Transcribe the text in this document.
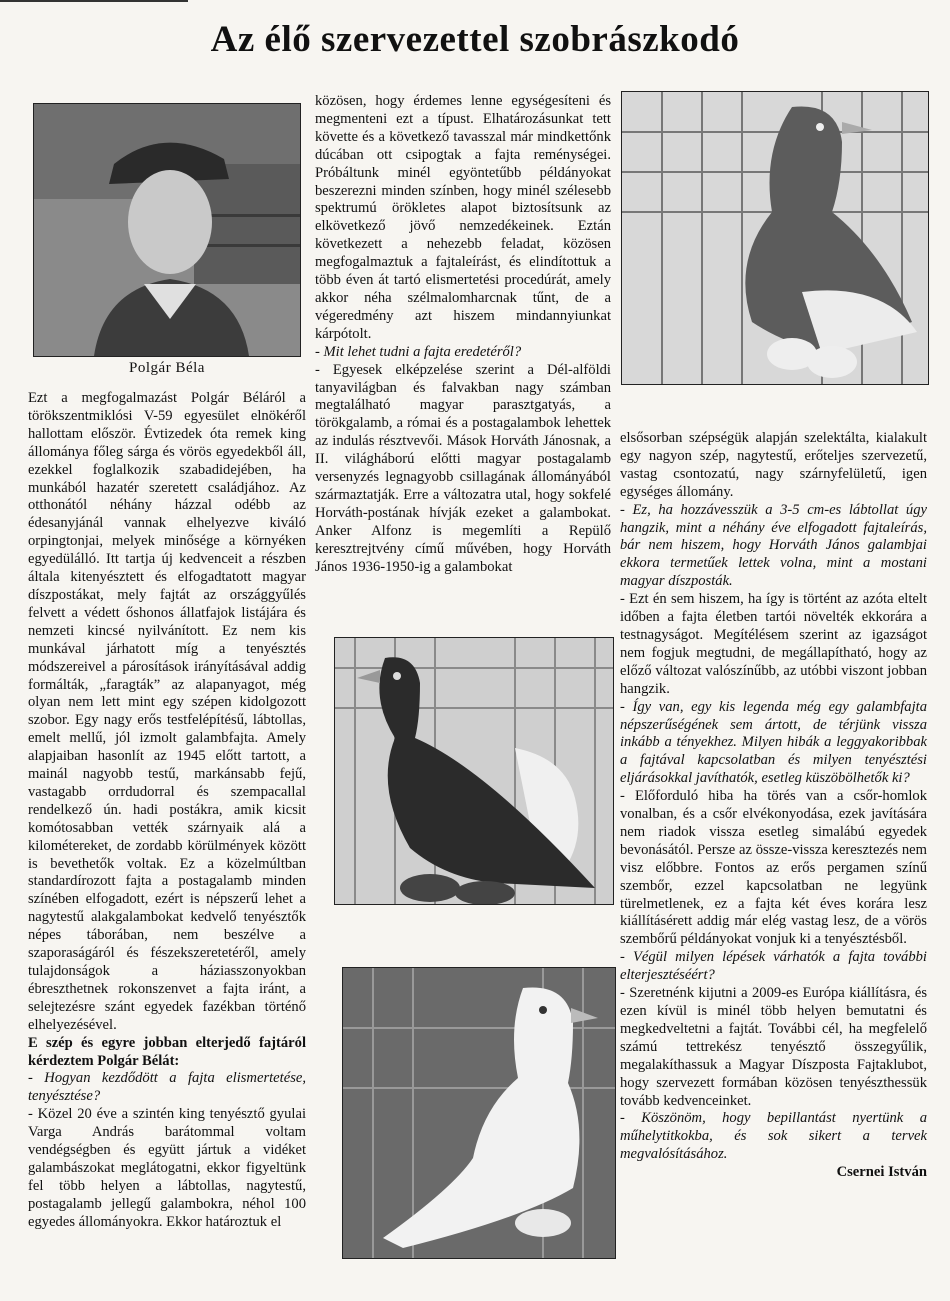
Az élő szervezettel szobrászkodó
Polgár Béla

Ezt a megfogalmazást Polgár Béláról a törökszentmiklósi V-59 egyesület elnökéről hallottam először. Évtizedek óta remek king állománya főleg sárga és vörös egyedekből áll, ezekkel foglalkozik szabadidejében, ha munkából hazatér szeretett családjához. Az otthonától néhány házzal odébb az édesanyjánál vannak elhelyezve kiváló orpingtonjai, melyek minősége a környéken egyedülálló. Itt tartja új kedvenceit a részben általa kitenyésztett és elfogadtatott magyar díszpostákat, mely fajtát az országgyűlés felvett a védett őshonos állatfajok listájára és nemzeti kincsé nyilvánított. Ez nem kis munkával járhatott míg a tenyésztés módszereivel a párosítások irányításával addig formálták, „faragták” az alapanyagot, még olyan nem lett mint egy szépen kidolgozott szobor. Egy nagy erős testfelépítésű, lábtollas, emelt mellű, jól izmolt galambfajta. Amely alapjaiban hasonlít az 1945 előtt tartott, a mainál nagyobb testű, markánsabb fejű, vastagabb orrdudorral és szempacallal rendelkező ún. hadi postákra, amik kicsit komótosabban vették szárnyaik alá a kilométereket, de zordabb körülmények között is bevethetők voltak. Ez a közelmúltban standardírozott fajta a postagalamb minden színében elfogadott, ezért is népszerű lehet a nagytestű alakgalambokat kedvelő tenyésztők népes táborában, nem beszélve a szaporaságáról és fészekszeretetéről, amely tulajdonságok a háziasszonyokban ébreszthetnek rokonszenvet a fajta iránt, a selejtezésre szánt egyedek fazékban történő elhelyezésével.

E szép és egyre jobban elterjedő fajtáról kérdeztem Polgár Bélát:

- Hogyan kezdődött a fajta elismertetése, tenyésztése?

- Közel 20 éve a szintén king tenyésztő gyulai Varga András barátommal voltam vendégségben és együtt jártuk a vidéket galambászokat meglátogatni, ekkor figyeltünk fel több helyen a lábtollas, nagytestű, postagalamb jellegű galambokra, néhol 100 egyedes állományokra. Ekkor határoztuk el

közösen, hogy érdemes lenne egységesíteni és megmenteni ezt a típust. Elhatározásunkat tett követte és a következő tavasszal már mindkettőnk dúcában ott csipogtak a fajta reménységei. Próbáltunk minél egyöntetűbb példányokat beszerezni minden színben, hogy minél szélesebb spektrumú örökletes alapot biztosítsunk az elkövetkező jövő nemzedékeinek. Eztán következett a nehezebb feladat, közösen megfogalmaztuk a fajtaleírást, és elindítottuk a több éven át tartó elismertetési procedúrát, amely akkor néha szélmalomharcnak tűnt, de a végeredmény azt hiszem mindannyiunkat kárpótolt.

- Mit lehet tudni a fajta eredetéről?

- Egyesek elképzelése szerint a Dél-alföldi tanyavilágban és falvakban nagy számban megtalálható magyar parasztgatyás, a törökgalamb, a római és a postagalambok lehettek az indulás résztvevői. Mások Horváth Jánosnak, a II. világháború előtti magyar postagalamb versenyzés legnagyobb csillagának állományából származtatják. Erre a változatra utal, hogy sokfelé Horváth-postának hívják ezeket a galambokat. Anker Alfonz is megemlíti a Repülő keresztrejtvény című művében, hogy Horváth János 1936-1950-ig a galambokat

elsősorban szépségük alapján szelektálta, kialakult egy nagyon szép, nagytestű, erőteljes szervezetű, vastag csontozatú, nagy szárnyfelületű, igen egységes állomány.

- Ez, ha hozzávesszük a 3-5 cm-es lábtollat úgy hangzik, mint a néhány éve elfogadott fajtaleírás, bár nem hiszem, hogy Horváth János galambjai ekkora termetűek lettek volna, mint a mostani magyar díszposták.

- Ezt én sem hiszem, ha így is történt az azóta eltelt időben a fajta életben tartói növelték ekkorára a testnagyságot. Megítélésem szerint az igazságot nem fogjuk megtudni, de megállapítható, hogy az előző változat valószínűbb, az utóbbi viszont jobban hangzik.

- Így van, egy kis legenda még egy galambfajta népszerűségének sem ártott, de térjünk vissza inkább a tényekhez. Milyen hibák a leggyakoribbak a fajtával kapcsolatban és milyen tenyésztési eljárásokkal javíthatók, esetleg küszöbölhetők ki?

- Előforduló hiba ha törés van a csőr-homlok vonalban, és a csőr elvékonyodása, ezek javítására nem riadok vissza esetleg simalábú egyedek bevonásától. Persze az össze-vissza keresztezés nem visz előbbre. Fontos az erős pergamen színű szembőr, ezzel kapcsolatban ne legyünk türelmetlenek, ez a fajta két éves korára lesz kiállításérett addig már elég vastag lesz, de a vörös szembőrű példányokat vonjuk ki a tenyésztésből.

- Végül milyen lépések várhatók a fajta további elterjesztéséért?

- Szeretnénk kijutni a 2009-es Európa kiállításra, és ezen kívül is minél több helyen bemutatni és megkedveltetni a fajtát. További cél, ha megfelelő számú tettrekész tenyésztő összegyűlik, megalakíthassuk a Magyar Díszposta Fajtaklubot, hogy szervezett formában közösen tenyészthessük tovább kedvenceinket.

- Köszönöm, hogy bepillantást nyertünk a műhelytitkokba, és sok sikert a tervek megvalósításához.

Csernei István
